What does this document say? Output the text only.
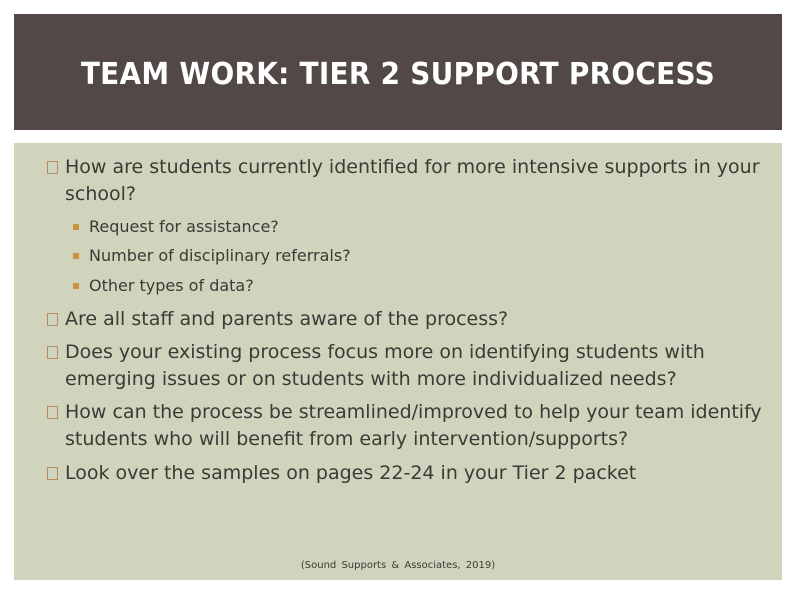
TEAM WORK: TIER 2 SUPPORT PROCESS
How are students currently identified for more intensive supports in your school?
Request for assistance?
Number of disciplinary referrals?
Other types of data?
Are all staff and parents aware of the process?
Does your existing process focus more on identifying students with emerging issues or on students with more individualized needs?
How can the process be streamlined/improved to help your team identify students who will benefit from early intervention/supports?
Look over the samples on pages 22-24 in your Tier 2 packet
(Sound Supports & Associates, 2019)
